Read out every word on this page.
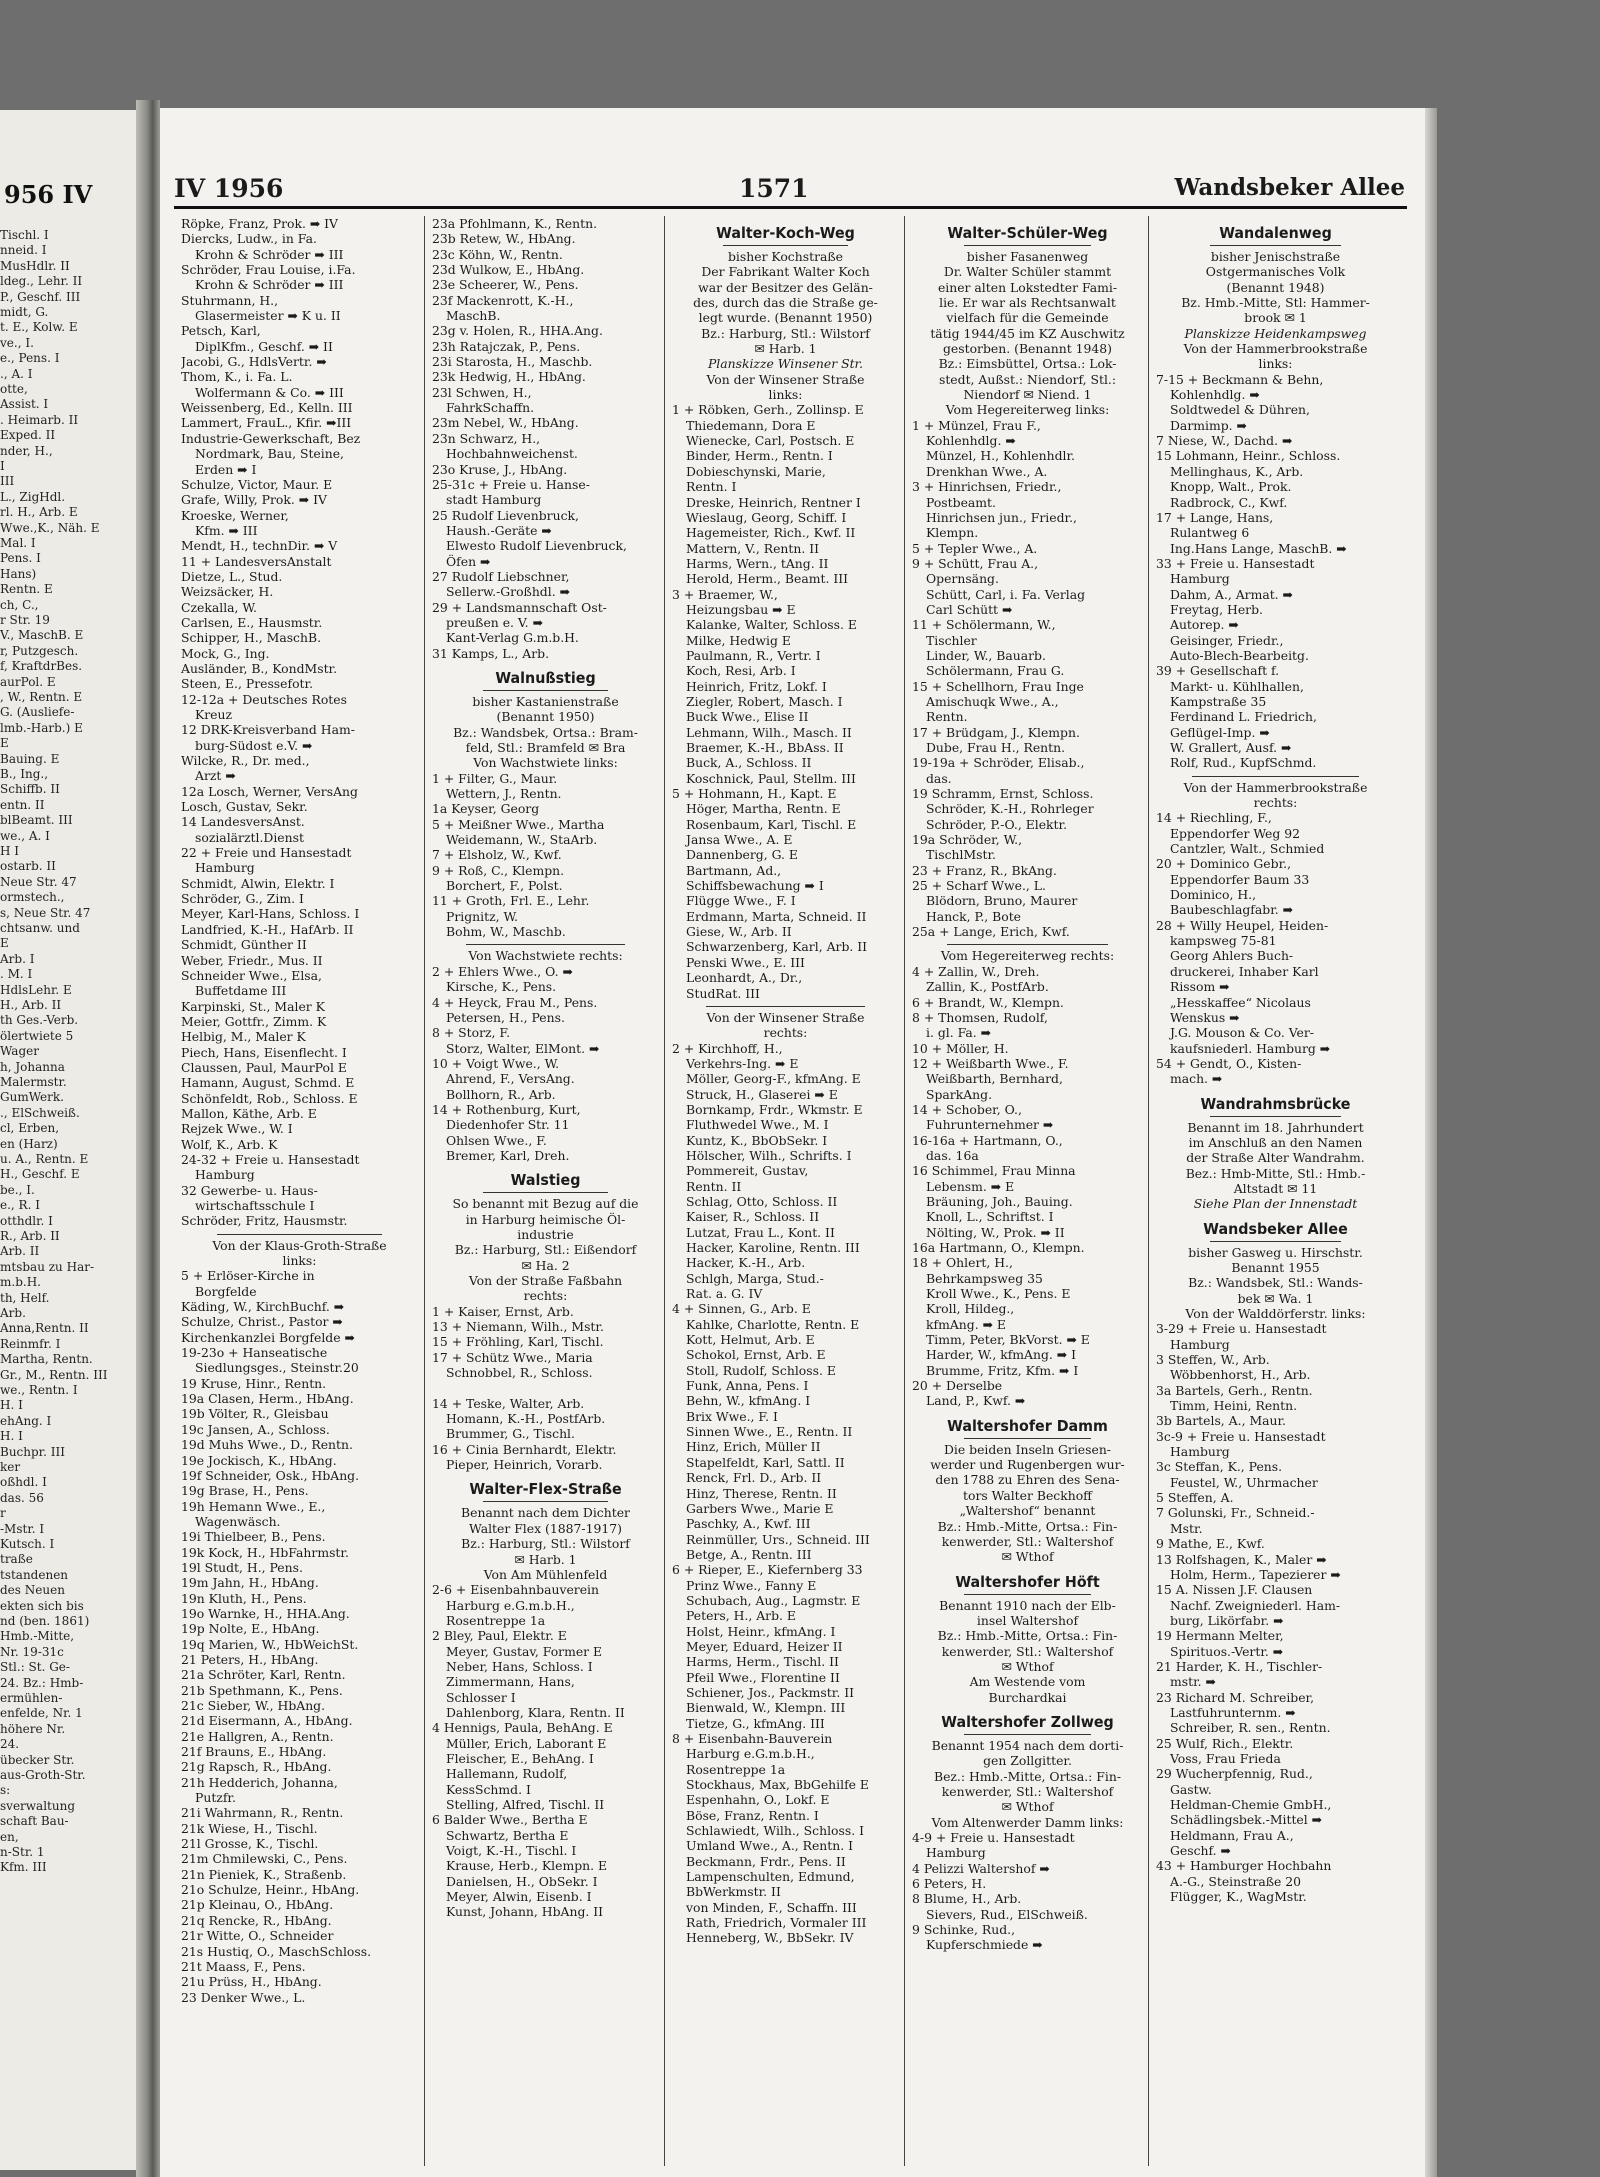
956 IV
Tischl. I
nneid. I
MusHdlr. II
ldeg., Lehr. II
P., Geschf. III
midt, G.
t. E., Kolw. E
ve., I.
e., Pens. I
., A. I
otte,
Assist. I
. Heimarb. II
Exped. II
nder, H.,
I
III
L., ZigHdl.
rl. H., Arb. E
Wwe.,K., Näh. E
Mal. I
Pens. I
Hans)
Rentn. E
ch, C.,
r Str. 19
V., MaschB. E
r, Putzgesch.
f, KraftdrBes.
aurPol. E
, W., Rentn. E
G. (Ausliefe-
lmb.-Harb.) E
E
Bauing. E
B., Ing.,
Schiffb. II
entn. II
blBeamt. III
we., A. I
H I
ostarb. II
Neue Str. 47
ormstech.,
s, Neue Str. 47
chtsanw. und
E
Arb. I
. M. I
HdlsLehr. E
H., Arb. II
th Ges.-Verb.
ölertwiete 5
Wager
h, Johanna
Malermstr.
GumWerk.
., ElSchweiß.
cl, Erben,
en (Harz)
u. A., Rentn. E
H., Geschf. E
be., I.
e., R. I
otthdlr. I
R., Arb. II
Arb. II
mtsbau zu Har-
m.b.H.
th, Helf.
Arb.
Anna,Rentn. II
Reinmfr. I
Martha, Rentn.
Gr., M., Rentn. III
we., Rentn. I
H. I
ehAng. I
H. I
Buchpr. III
ker
oßhdl. I
das. 56
r
-Mstr. I
Kutsch. I
traße
tstandenen
des Neuen
ekten sich bis
nd (ben. 1861)
Hmb.-Mitte,
Nr. 19-31c
Stl.: St. Ge-
24. Bz.: Hmb-
ermühlen-
enfelde, Nr. 1
höhere Nr.
24.
übecker Str.
aus-Groth-Str.
s:
sverwaltung
schaft Bau-
en,
n-Str. 1
Kfm. III
IV 1956	1571	Wandsbeker Allee
Röpke, Franz, Prok. ➡ IV
Diercks, Ludw., in Fa.
Krohn & Schröder ➡ III
Schröder, Frau Louise, i.Fa.
Krohn & Schröder ➡ III
Stuhrmann, H.,
Glasermeister ➡ K u. II
Petsch, Karl,
DiplKfm., Geschf. ➡ II
Jacobi, G., HdlsVertr. ➡
Thom, K., i. Fa. L.
Wolfermann & Co. ➡ III
Weissenberg, Ed., Kelln. III
Lammert, FrauL., Kfir. ➡III
Industrie-Gewerkschaft, Bez
Nordmark, Bau, Steine,
Erden ➡ I
Schulze, Victor, Maur. E
Grafe, Willy, Prok. ➡ IV
Kroeske, Werner,
Kfm. ➡ III
Mendt, H., technDir. ➡ V
11 + LandesversAnstalt
Dietze, L., Stud.
Weizsäcker, H.
Czekalla, W.
Carlsen, E., Hausmstr.
Schipper, H., MaschB.
Mock, G., Ing.
Ausländer, B., KondMstr.
Steen, E., Pressefotr.
12-12a + Deutsches Rotes
Kreuz
12 DRK-Kreisverband Ham-
burg-Südost e.V. ➡
Wilcke, R., Dr. med.,
Arzt ➡
12a Losch, Werner, VersAng
Losch, Gustav, Sekr.
14 LandesversAnst.
sozialärztl.Dienst
22 + Freie und Hansestadt
Hamburg
Schmidt, Alwin, Elektr. I
Schröder, G., Zim. I
Meyer, Karl-Hans, Schloss. I
Landfried, K.-H., HafArb. II
Schmidt, Günther II
Weber, Friedr., Mus. II
Schneider Wwe., Elsa,
Buffetdame III
Karpinski, St., Maler K
Meier, Gottfr., Zimm. K
Helbig, M., Maler K
Piech, Hans, Eisenflecht. I
Claussen, Paul, MaurPol E
Hamann, August, Schmd. E
Schönfeldt, Rob., Schloss. E
Mallon, Käthe, Arb. E
Rejzek Wwe., W. I
Wolf, K., Arb. K
24-32 + Freie u. Hansestadt
Hamburg
32 Gewerbe- u. Haus-
wirtschaftsschule I
Schröder, Fritz, Hausmstr.
Von der Klaus-Groth-Straße
links:
5 + Erlöser-Kirche in
Borgfelde
Käding, W., KirchBuchf. ➡
Schulze, Christ., Pastor ➡
Kirchenkanzlei Borgfelde ➡
19-23o + Hanseatische
Siedlungsges., Steinstr.20
19 Kruse, Hinr., Rentn.
19a Clasen, Herm., HbAng.
19b Völter, R., Gleisbau
19c Jansen, A., Schloss.
19d Muhs Wwe., D., Rentn.
19e Jockisch, K., HbAng.
19f Schneider, Osk., HbAng.
19g Brase, H., Pens.
19h Hemann Wwe., E.,
Wagenwäsch.
19i Thielbeer, B., Pens.
19k Kock, H., HbFahrmstr.
19l Studt, H., Pens.
19m Jahn, H., HbAng.
19n Kluth, H., Pens.
19o Warnke, H., HHA.Ang.
19p Nolte, E., HbAng.
19q Marien, W., HbWeichSt.
21 Peters, H., HbAng.
21a Schröter, Karl, Rentn.
21b Spethmann, K., Pens.
21c Sieber, W., HbAng.
21d Eisermann, A., HbAng.
21e Hallgren, A., Rentn.
21f Brauns, E., HbAng.
21g Rapsch, R., HbAng.
21h Hedderich, Johanna,
Putzfr.
21i Wahrmann, R., Rentn.
21k Wiese, H., Tischl.
21l Grosse, K., Tischl.
21m Chmilewski, C., Pens.
21n Pieniek, K., Straßenb.
21o Schulze, Heinr., HbAng.
21p Kleinau, O., HbAng.
21q Rencke, R., HbAng.
21r Witte, O., Schneider
21s Hustiq, O., MaschSchloss.
21t Maass, F., Pens.
21u Prüss, H., HbAng.
23 Denker Wwe., L.
23a Pfohlmann, K., Rentn.
23b Retew, W., HbAng.
23c Köhn, W., Rentn.
23d Wulkow, E., HbAng.
23e Scheerer, W., Pens.
23f Mackenrott, K.-H.,
MaschB.
23g v. Holen, R., HHA.Ang.
23h Ratajczak, P., Pens.
23i Starosta, H., Maschb.
23k Hedwig, H., HbAng.
23l Schwen, H.,
FahrkSchaffn.
23m Nebel, W., HbAng.
23n Schwarz, H.,
Hochbahnweichenst.
23o Kruse, J., HbAng.
25-31c + Freie u. Hanse-
stadt Hamburg
25 Rudolf Lievenbruck,
Haush.-Geräte ➡
Elwesto Rudolf Lievenbruck,
Öfen ➡
27 Rudolf Liebschner,
Sellerw.-Großhdl. ➡
29 + Landsmannschaft Ost-
preußen e. V. ➡
Kant-Verlag G.m.b.H.
31 Kamps, L., Arb.
Walnußstieg
bisher Kastanienstraße
(Benannt 1950)
Bz.: Wandsbek, Ortsa.: Bram-
feld, Stl.: Bramfeld ✉ Bra
Von Wachstwiete links:
1 + Filter, G., Maur.
Wettern, J., Rentn.
1a Keyser, Georg
5 + Meißner Wwe., Martha
Weidemann, W., StaArb.
7 + Elsholz, W., Kwf.
9 + Roß, C., Klempn.
Borchert, F., Polst.
11 + Groth, Frl. E., Lehr.
Prignitz, W.
Bohm, W., Maschb.
Von Wachstwiete rechts:
2 + Ehlers Wwe., O. ➡
Kirsche, K., Pens.
4 + Heyck, Frau M., Pens.
Petersen, H., Pens.
8 + Storz, F.
Storz, Walter, ElMont. ➡
10 + Voigt Wwe., W.
Ahrend, F., VersAng.
Bollhorn, R., Arb.
14 + Rothenburg, Kurt,
Diedenhofer Str. 11
Ohlsen Wwe., F.
Bremer, Karl, Dreh.
Walstieg
So benannt mit Bezug auf die
in Harburg heimische Öl-
industrie
Bz.: Harburg, Stl.: Eißendorf
✉ Ha. 2
Von der Straße Faßbahn
rechts:
1 + Kaiser, Ernst, Arb.
13 + Niemann, Wilh., Mstr.
15 + Fröhling, Karl, Tischl.
17 + Schütz Wwe., Maria
Schnobbel, R., Schloss.
14 + Teske, Walter, Arb.
Homann, K.-H., PostfArb.
Brummer, G., Tischl.
16 + Cinia Bernhardt, Elektr.
Pieper, Heinrich, Vorarb.
Walter-Flex-Straße
Benannt nach dem Dichter
Walter Flex (1887-1917)
Bz.: Harburg, Stl.: Wilstorf
✉ Harb. 1
Von Am Mühlenfeld
2-6 + Eisenbahnbauverein
Harburg e.G.m.b.H.,
Rosentreppe 1a
2 Bley, Paul, Elektr. E
Meyer, Gustav, Former E
Neber, Hans, Schloss. I
Zimmermann, Hans,
Schlosser I
Dahlenborg, Klara, Rentn. II
4 Hennigs, Paula, BehAng. E
Müller, Erich, Laborant E
Fleischer, E., BehAng. I
Hallemann, Rudolf,
KessSchmd. I
Stelling, Alfred, Tischl. II
6 Balder Wwe., Bertha E
Schwartz, Bertha E
Voigt, K.-H., Tischl. I
Krause, Herb., Klempn. E
Danielsen, H., ObSekr. I
Meyer, Alwin, Eisenb. I
Kunst, Johann, HbAng. II
Walter-Koch-Weg
bisher Kochstraße
Der Fabrikant Walter Koch
war der Besitzer des Gelän-
des, durch das die Straße ge-
legt wurde. (Benannt 1950)
Bz.: Harburg, Stl.: Wilstorf
✉ Harb. 1
Planskizze Winsener Str.
Von der Winsener Straße
links:
1 + Röbken, Gerh., Zollinsp. E
Thiedemann, Dora E
Wienecke, Carl, Postsch. E
Binder, Herm., Rentn. I
Dobieschynski, Marie,
Rentn. I
Dreske, Heinrich, Rentner I
Wieslaug, Georg, Schiff. I
Hagemeister, Rich., Kwf. II
Mattern, V., Rentn. II
Harms, Wern., tAng. II
Herold, Herm., Beamt. III
3 + Braemer, W.,
Heizungsbau ➡ E
Kalanke, Walter, Schloss. E
Milke, Hedwig E
Paulmann, R., Vertr. I
Koch, Resi, Arb. I
Heinrich, Fritz, Lokf. I
Ziegler, Robert, Masch. I
Buck Wwe., Elise II
Lehmann, Wilh., Masch. II
Braemer, K.-H., BbAss. II
Buck, A., Schloss. II
Koschnick, Paul, Stellm. III
5 + Hohmann, H., Kapt. E
Höger, Martha, Rentn. E
Rosenbaum, Karl, Tischl. E
Jansa Wwe., A. E
Dannenberg, G. E
Bartmann, Ad.,
Schiffsbewachung ➡ I
Flügge Wwe., F. I
Erdmann, Marta, Schneid. II
Giese, W., Arb. II
Schwarzenberg, Karl, Arb. II
Penski Wwe., E. III
Leonhardt, A., Dr.,
StudRat. III
Von der Winsener Straße
rechts:
2 + Kirchhoff, H.,
Verkehrs-Ing. ➡ E
Möller, Georg-F., kfmAng. E
Struck, H., Glaserei ➡ E
Bornkamp, Frdr., Wkmstr. E
Fluthwedel Wwe., M. I
Kuntz, K., BbObSekr. I
Hölscher, Wilh., Schrifts. I
Pommereit, Gustav,
Rentn. II
Schlag, Otto, Schloss. II
Kaiser, R., Schloss. II
Lutzat, Frau L., Kont. II
Hacker, Karoline, Rentn. III
Hacker, K.-H., Arb.
Schlgh, Marga, Stud.-
Rat. a. G. IV
4 + Sinnen, G., Arb. E
Kahlke, Charlotte, Rentn. E
Kott, Helmut, Arb. E
Schokol, Ernst, Arb. E
Stoll, Rudolf, Schloss. E
Funk, Anna, Pens. I
Behn, W., kfmAng. I
Brix Wwe., F. I
Sinnen Wwe., E., Rentn. II
Hinz, Erich, Müller II
Stapelfeldt, Karl, Sattl. II
Renck, Frl. D., Arb. II
Hinz, Therese, Rentn. II
Garbers Wwe., Marie E
Paschky, A., Kwf. III
Reinmüller, Urs., Schneid. III
Betge, A., Rentn. III
6 + Rieper, E., Kiefernberg 33
Prinz Wwe., Fanny E
Schubach, Aug., Lagmstr. E
Peters, H., Arb. E
Holst, Heinr., kfmAng. I
Meyer, Eduard, Heizer II
Harms, Herm., Tischl. II
Pfeil Wwe., Florentine II
Schiener, Jos., Packmstr. II
Bienwald, W., Klempn. III
Tietze, G., kfmAng. III
8 + Eisenbahn-Bauverein
Harburg e.G.m.b.H.,
Rosentreppe 1a
Stockhaus, Max, BbGehilfe E
Espenhahn, O., Lokf. E
Böse, Franz, Rentn. I
Schlawiedt, Wilh., Schloss. I
Umland Wwe., A., Rentn. I
Beckmann, Frdr., Pens. II
Lampenschulten, Edmund,
BbWerkmstr. II
von Minden, F., Schaffn. III
Rath, Friedrich, Vormaler III
Henneberg, W., BbSekr. IV
Walter-Schüler-Weg
bisher Fasanenweg
Dr. Walter Schüler stammt
einer alten Lokstedter Fami-
lie. Er war als Rechtsanwalt
vielfach für die Gemeinde
tätig 1944/45 im KZ Auschwitz
gestorben. (Benannt 1948)
Bz.: Eimsbüttel, Ortsa.: Lok-
stedt, Außst.: Niendorf, Stl.:
Niendorf ✉ Niend. 1
Vom Hegereiterweg links:
1 + Münzel, Frau F.,
Kohlenhdlg. ➡
Münzel, H., Kohlenhdlr.
Drenkhan Wwe., A.
3 + Hinrichsen, Friedr.,
Postbeamt.
Hinrichsen jun., Friedr.,
Klempn.
5 + Tepler Wwe., A.
9 + Schütt, Frau A.,
Opernsäng.
Schütt, Carl, i. Fa. Verlag
Carl Schütt ➡
11 + Schölermann, W.,
Tischler
Linder, W., Bauarb.
Schölermann, Frau G.
15 + Schellhorn, Frau Inge
Amischuqk Wwe., A.,
Rentn.
17 + Brüdgam, J., Klempn.
Dube, Frau H., Rentn.
19-19a + Schröder, Elisab.,
das.
19 Schramm, Ernst, Schloss.
Schröder, K.-H., Rohrleger
Schröder, P.-O., Elektr.
19a Schröder, W.,
TischlMstr.
23 + Franz, R., BkAng.
25 + Scharf Wwe., L.
Blödorn, Bruno, Maurer
Hanck, P., Bote
25a + Lange, Erich, Kwf.
Vom Hegereiterweg rechts:
4 + Zallin, W., Dreh.
Zallin, K., PostfArb.
6 + Brandt, W., Klempn.
8 + Thomsen, Rudolf,
i. gl. Fa. ➡
10 + Möller, H.
12 + Weißbarth Wwe., F.
Weißbarth, Bernhard,
SparkAng.
14 + Schober, O.,
Fuhrunternehmer ➡
16-16a + Hartmann, O.,
das. 16a
16 Schimmel, Frau Minna
Lebensm. ➡ E
Bräuning, Joh., Bauing.
Knoll, L., Schriftst. I
Nölting, W., Prok. ➡ II
16a Hartmann, O., Klempn.
18 + Ohlert, H.,
Behrkampsweg 35
Kroll Wwe., K., Pens. E
Kroll, Hildeg.,
kfmAng. ➡ E
Timm, Peter, BkVorst. ➡ E
Harder, W., kfmAng. ➡ I
Brumme, Fritz, Kfm. ➡ I
20 + Derselbe
Land, P., Kwf. ➡
Waltershofer Damm
Die beiden Inseln Griesen-
werder und Rugenbergen wur-
den 1788 zu Ehren des Sena-
tors Walter Beckhoff
„Waltershof“ benannt
Bz.: Hmb.-Mitte, Ortsa.: Fin-
kenwerder, Stl.: Waltershof
✉ Wthof
Waltershofer Höft
Benannt 1910 nach der Elb-
insel Waltershof
Bz.: Hmb.-Mitte, Ortsa.: Fin-
kenwerder, Stl.: Waltershof
✉ Wthof
Am Westende vom
Burchardkai
Waltershofer Zollweg
Benannt 1954 nach dem dorti-
gen Zollgitter.
Bez.: Hmb.-Mitte, Ortsa.: Fin-
kenwerder, Stl.: Waltershof
✉ Wthof
Vom Altenwerder Damm links:
4-9 + Freie u. Hansestadt
Hamburg
4 Pelizzi Waltershof ➡
6 Peters, H.
8 Blume, H., Arb.
Sievers, Rud., ElSchweiß.
9 Schinke, Rud.,
Kupferschmiede ➡
Wandalenweg
bisher Jenischstraße
Ostgermanisches Volk
(Benannt 1948)
Bz. Hmb.-Mitte, Stl: Hammer-
brook ✉ 1
Planskizze Heidenkampsweg
Von der Hammerbrookstraße
links:
7-15 + Beckmann & Behn,
Kohlenhdlg. ➡
Soldtwedel & Dühren,
Darmimp. ➡
7 Niese, W., Dachd. ➡
15 Lohmann, Heinr., Schloss.
Mellinghaus, K., Arb.
Knopp, Walt., Prok.
Radbrock, C., Kwf.
17 + Lange, Hans,
Rulantweg 6
Ing.Hans Lange, MaschB. ➡
33 + Freie u. Hansestadt
Hamburg
Dahm, A., Armat. ➡
Freytag, Herb.
Autorep. ➡
Geisinger, Friedr.,
Auto-Blech-Bearbeitg.
39 + Gesellschaft f.
Markt- u. Kühlhallen,
Kampstraße 35
Ferdinand L. Friedrich,
Geflügel-Imp. ➡
W. Grallert, Ausf. ➡
Rolf, Rud., KupfSchmd.
Von der Hammerbrookstraße
rechts:
14 + Riechling, F.,
Eppendorfer Weg 92
Cantzler, Walt., Schmied
20 + Dominico Gebr.,
Eppendorfer Baum 33
Dominico, H.,
Baubeschlagfabr. ➡
28 + Willy Heupel, Heiden-
kampsweg 75-81
Georg Ahlers Buch-
druckerei, Inhaber Karl
Rissom ➡
„Hesskaffee“ Nicolaus
Wenskus ➡
J.G. Mouson & Co. Ver-
kaufsniederl. Hamburg ➡
54 + Gendt, O., Kisten-
mach. ➡
Wandrahmsbrücke
Benannt im 18. Jahrhundert
im Anschluß an den Namen
der Straße Alter Wandrahm.
Bez.: Hmb-Mitte, Stl.: Hmb.-
Altstadt ✉ 11
Siehe Plan der Innenstadt
Wandsbeker Allee
bisher Gasweg u. Hirschstr.
Benannt 1955
Bz.: Wandsbek, Stl.: Wands-
bek ✉ Wa. 1
Von der Walddörferstr. links:
3-29 + Freie u. Hansestadt
Hamburg
3 Steffen, W., Arb.
Wöbbenhorst, H., Arb.
3a Bartels, Gerh., Rentn.
Timm, Heini, Rentn.
3b Bartels, A., Maur.
3c-9 + Freie u. Hansestadt
Hamburg
3c Steffan, K., Pens.
Feustel, W., Uhrmacher
5 Steffen, A.
7 Golunski, Fr., Schneid.-
Mstr.
9 Mathe, E., Kwf.
13 Rolfshagen, K., Maler ➡
Holm, Herm., Tapezierer ➡
15 A. Nissen J.F. Clausen
Nachf. Zweigniederl. Ham-
burg, Likörfabr. ➡
19 Hermann Melter,
Spirituos.-Vertr. ➡
21 Harder, K. H., Tischler-
mstr. ➡
23 Richard M. Schreiber,
Lastfuhrunternm. ➡
Schreiber, R. sen., Rentn.
25 Wulf, Rich., Elektr.
Voss, Frau Frieda
29 Wucherpfennig, Rud.,
Gastw.
Heldman-Chemie GmbH.,
Schädlingsbek.-Mittel ➡
Heldmann, Frau A.,
Geschf. ➡
43 + Hamburger Hochbahn
A.-G., Steinstraße 20
Flügger, K., WagMstr.
